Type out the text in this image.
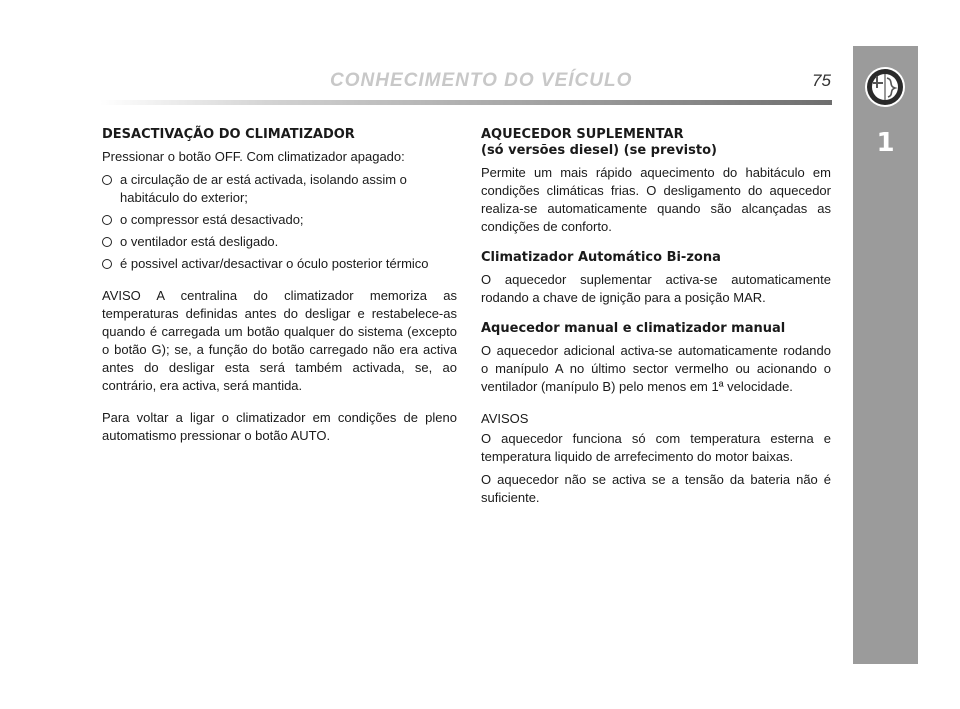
CONHECIMENTO DO VEÍCULO	75
1
DESACTIVAÇÃO DO CLIMATIZADOR

Pressionar o botão OFF. Com climatizador apagado:

a circulação de ar está activada, isolando assim o habitáculo do exterior;
o compressor está desactivado;
o ventilador está desligado.
é possivel activar/desactivar o óculo posterior térmico

AVISO A centralina do climatizador memoriza as temperaturas definidas antes do desligar e restabelece-as quando é carregada um botão qualquer do sistema (excepto o botão G); se, a função do botão carregado não era activa antes do desligar esta será também activada, se, ao contrário, era activa, será mantida.

Para voltar a ligar o climatizador em condições de pleno automatismo pressionar o botão AUTO.

AQUECEDOR SUPLEMENTAR
(só versões diesel) (se previsto)

Permite um mais rápido aquecimento do habitáculo em condições climáticas frias. O desligamento do aquecedor realiza-se automaticamente quando são alcançadas as condições de conforto.

Climatizador Automático Bi-zona

O aquecedor suplementar activa-se automaticamente rodando a chave de ignição para a posição MAR.

Aquecedor manual e climatizador manual

O aquecedor adicional activa-se automaticamente rodando o manípulo A no último sector vermelho ou acionando o ventilador (manípulo B) pelo menos em 1ª velocidade.

AVISOS

O aquecedor funciona só com temperatura esterna e temperatura liquido de arrefecimento do motor baixas.

O aquecedor não se activa se a tensão da bateria não é suficiente.
